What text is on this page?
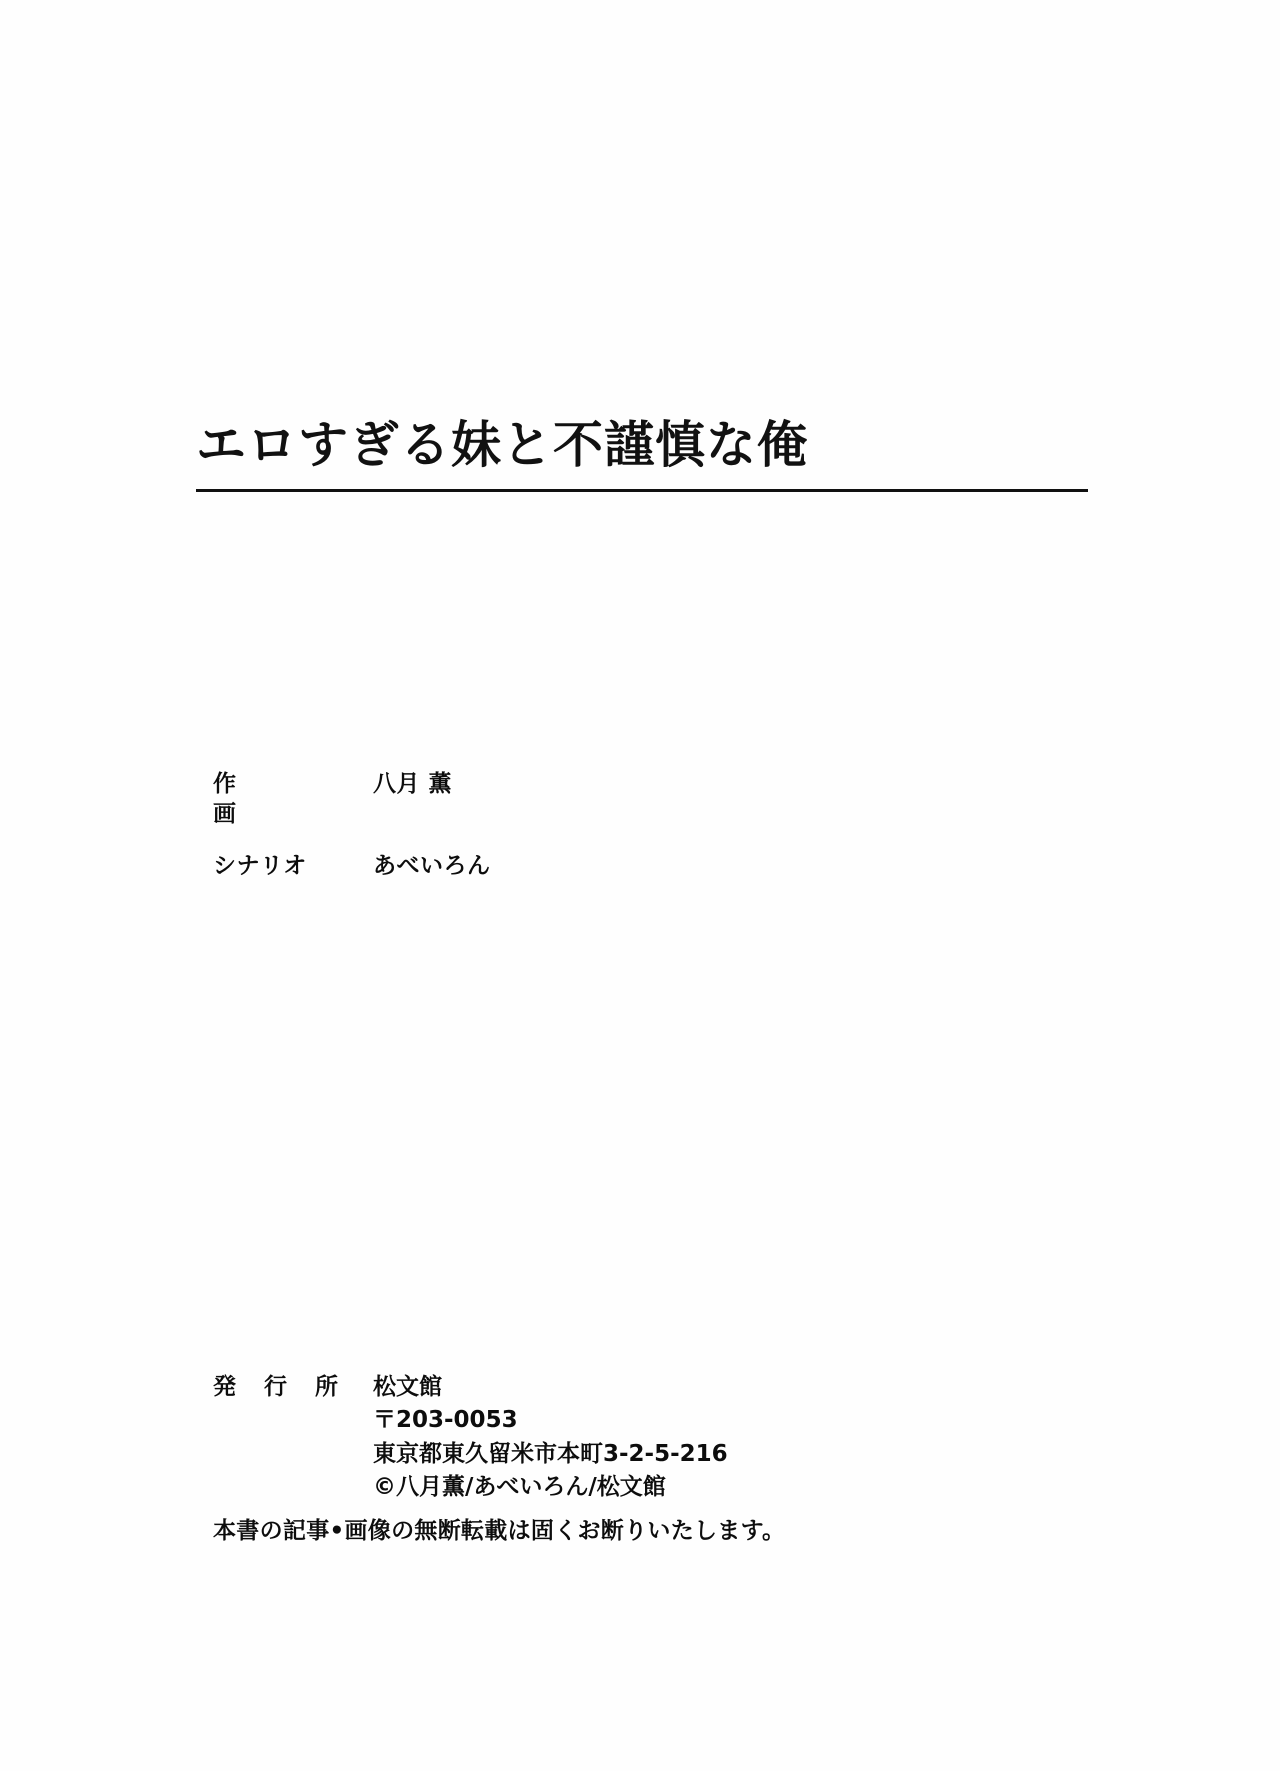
エロすぎる妹と不謹慎な俺
作　　画
八月 薫
シナリオ	あべいろん
発 行 所	松文館
〒203-0053
東京都東久留米市本町3-2-5-216
©八月薫/あべいろん/松文館
本書の記事•画像の無断転載は固くお断りいたします。
